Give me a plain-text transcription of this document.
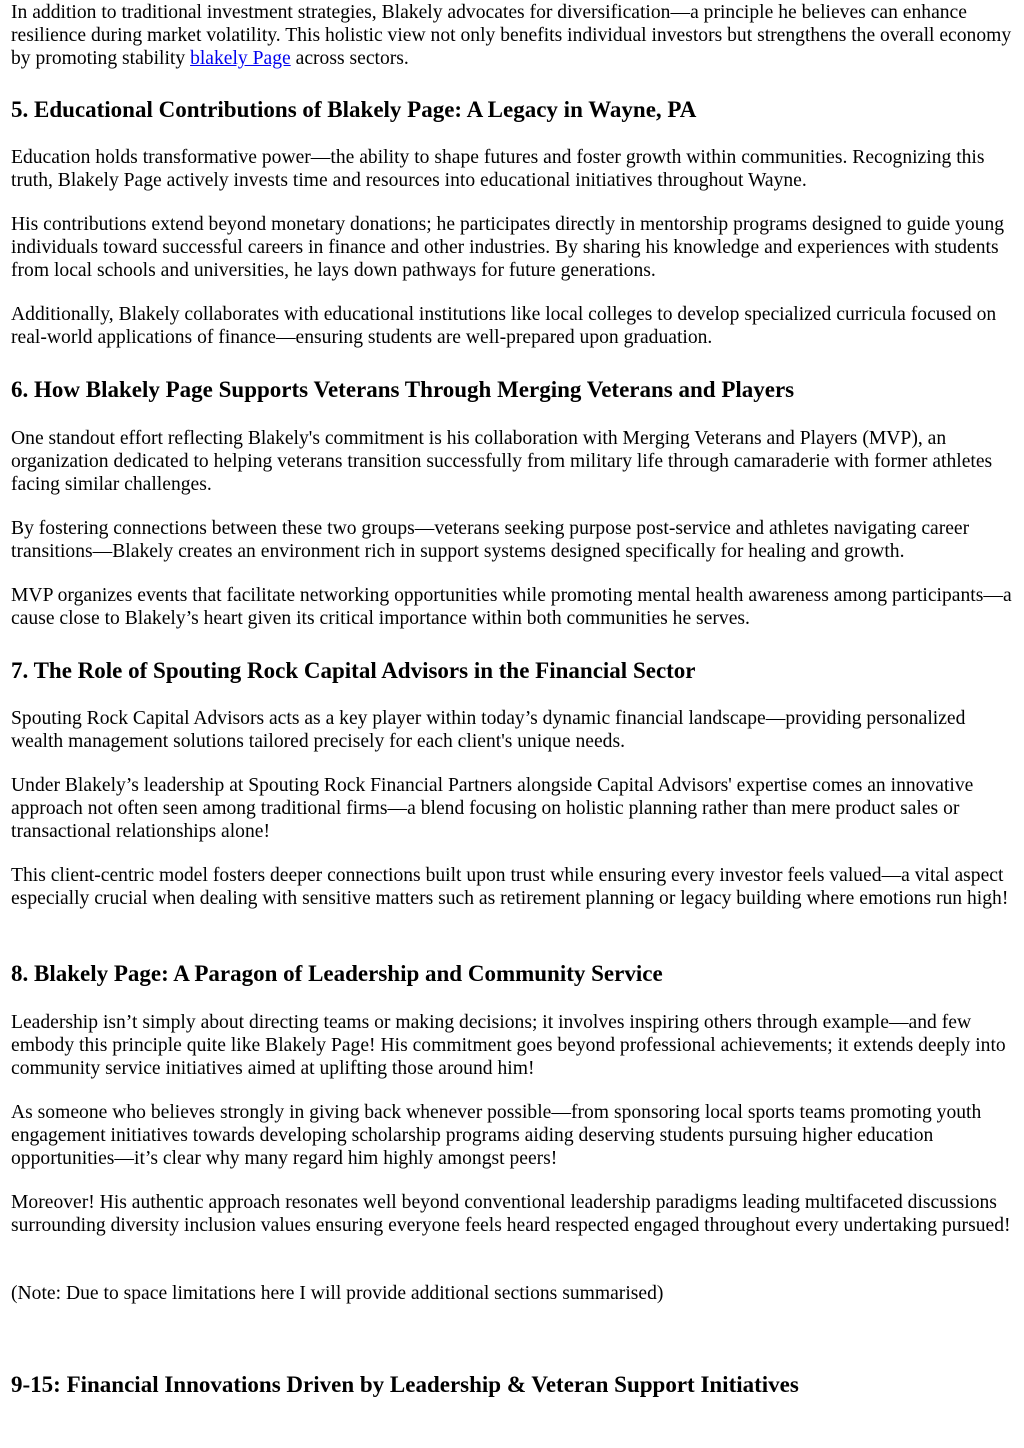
In addition to traditional investment strategies, Blakely advocates for diversification—a principle he believes can enhance resilience during market volatility. This holistic view not only benefits individual investors but strengthens the overall economy by promoting stability blakely Page across sectors.

5. Educational Contributions of Blakely Page: A Legacy in Wayne, PA

Education holds transformative power—the ability to shape futures and foster growth within communities. Recognizing this truth, Blakely Page actively invests time and resources into educational initiatives throughout Wayne.

His contributions extend beyond monetary donations; he participates directly in mentorship programs designed to guide young individuals toward successful careers in finance and other industries. By sharing his knowledge and experiences with students from local schools and universities, he lays down pathways for future generations.

Additionally, Blakely collaborates with educational institutions like local colleges to develop specialized curricula focused on real-world applications of finance—ensuring students are well-prepared upon graduation.

6. How Blakely Page Supports Veterans Through Merging Veterans and Players

One standout effort reflecting Blakely's commitment is his collaboration with Merging Veterans and Players (MVP), an organization dedicated to helping veterans transition successfully from military life through camaraderie with former athletes facing similar challenges.

By fostering connections between these two groups—veterans seeking purpose post-service and athletes navigating career transitions—Blakely creates an environment rich in support systems designed specifically for healing and growth.

MVP organizes events that facilitate networking opportunities while promoting mental health awareness among participants—a cause close to Blakely’s heart given its critical importance within both communities he serves.

7. The Role of Spouting Rock Capital Advisors in the Financial Sector

Spouting Rock Capital Advisors acts as a key player within today’s dynamic financial landscape—providing personalized wealth management solutions tailored precisely for each client's unique needs.

Under Blakely’s leadership at Spouting Rock Financial Partners alongside Capital Advisors' expertise comes an innovative approach not often seen among traditional firms—a blend focusing on holistic planning rather than mere product sales or transactional relationships alone!

This client-centric model fosters deeper connections built upon trust while ensuring every investor feels valued—a vital aspect especially crucial when dealing with sensitive matters such as retirement planning or legacy building where emotions run high!

8. Blakely Page: A Paragon of Leadership and Community Service

Leadership isn’t simply about directing teams or making decisions; it involves inspiring others through example—and few embody this principle quite like Blakely Page! His commitment goes beyond professional achievements; it extends deeply into community service initiatives aimed at uplifting those around him!

As someone who believes strongly in giving back whenever possible—from sponsoring local sports teams promoting youth engagement initiatives towards developing scholarship programs aiding deserving students pursuing higher education opportunities—it’s clear why many regard him highly amongst peers!

Moreover! His authentic approach resonates well beyond conventional leadership paradigms leading multifaceted discussions surrounding diversity inclusion values ensuring everyone feels heard respected engaged throughout every undertaking pursued!

(Note: Due to space limitations here I will provide additional sections summarised)

9-15: Financial Innovations Driven by Leadership & Veteran Support Initiatives
